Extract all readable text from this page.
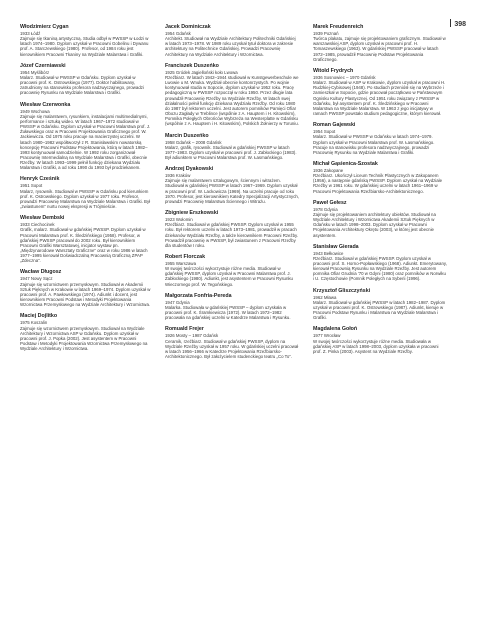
398
Włodzimierz Cygan
1933 Łódź
Zajmuje się tkaniną artystyczną. Studia odbył w PWSSP w Łodzi w latach 1974–1980. Dyplom uzyskał w Pracowni Gobelinu i Dywanu prof. A. Starczewskiego (1980). Profesor, od 1984 roku jest kierownikiem Pracowni Tkaniny na Wydziale Malarstwa i Grafiki.
Józef Czerniawski
1954 Myślibórz
Malarz. Studiował w PWSSP w Gdańsku. Dyplom uzyskał w pracowni prof. K. Ostrowskiego (1977). Doktor habilitowany, zatrudniony na stanowisku profesora nadzwyczajnego, prowadzi pracownię Rysunku na Wydziale Malarstwa i Grafiki.
Wiesław Czerwonka
1949 Wschowa
Zajmuje się malarstwem, rysunkiem, instalacjami multimedialnymi, performance i sztuką wideo. W latach 1967–1972 studiował w PWSSP w Gdańsku. Dyplom uzyskał w Pracowni Malarstwa prof. J. Żuławskiego oraz w Pracowni Projektowania Graficznego prof. W. Jackiewicza. Od 1975 roku pracuje na macierzystej uczelni. W latach 1980–1982 współtworzył z R. Stanisławskim nowatorską koncepcję Pracowni Podstaw Projektowania, którą w latach 1982–1993 kontynuował samodzielnie. W 1992 roku zorganizował Pracownię Intermedialną na Wydziale Malarstwa i Grafiki, obecnie Rzeźby. W latach 1993–1999 pełnił funkcję dziekana Wydziału Malarstwa i Grafiki, a od roku 1990 do 1993 był prodziekanem.
Henryk Cześnik
1951 Sopot
Malarz, rysownik. Studiował w PWSSP w Gdańsku pod kierunkiem prof. K. Ostrowskiego. Dyplom uzyskał w 1977 roku. Profesor, prowadzi Pracownię Malarstwa na Wydziale Malarstwa i Grafiki. Był „zwiastunem” nurtu nowej ekspresji w Trójmieście.
Wiesław Dembski
1933 Ciechocinek
Grafik, malarz. Studiował w gdańskiej PWSSP. Dyplom uzyskał w Pracowni Malarstwa prof. K. Śledzińskiego (1958). Profesor, w gdańskiej PWSSP pracował do 2002 roku. Był kierownikiem Pracowni Grafiki Warsztatowej, inicjator wystaw pn. „Międzynarodowe Warsztaty Graficzne” oraz w roku 1986 w latach 1977–1995 kierował Doświadczalną Pracownią Graficzną ZPAP „Zdeczna”.
Wacław Długosz
1947 Nowy Sącz
Zajmuje się wzornictwem przemysłowym. Studiował w Akademii Sztuk Pięknych w Krakowie w latach 1969–1974. Dyplom uzyskał w pracowni prof. A. Pawłowskiego (1974). Adiunkt i docent, jest kierownikiem Pracowni Podstaw i Metodyki Projektowania Wzornictwa Przemysłowego na Wydziale Architektury i Wzornictwa.
Maciej Dojlitko
1975 Koszalin
Zajmuje się wzornictwem przemysłowym. Studiował na Wydziale Architektury i Wzornictwa ASP w Gdańsku. Dyplom uzyskał w pracowni prof. J. Popka (2002). Jest asystentem w Pracowni Podstaw i Metodyki Projektowania Wzornictwa Przemysłowego na Wydziale Architektury i Wzornictwa.
Jacek Dominiczak
1954 Gdańsk
Architekt. Studiował na Wydziale Architektury Politechniki Gdańskiej w latach 1973–1978. W 1989 roku uzyskał tytuł doktora w zakresie architektury na Politechnice Gdańskiej. Prowadzi Pracownię Architektury na Wydziale Architektury i Wzornictwa.
Franciszek Duszeńko
1925 Gródek Jagielloński koło Lwowa
Rzeźbiarz. W latach 1942–1944 studiował w Kunstgewerbeschule we Lwowie u M. Wnuka. Wydział obecnie kontonrzystych. Po wojnie kontynuował studia w Sopocie, dyplom uzyskał w 1952 roku. Pracę pedagogiczną w PWSSP rozpoczął w roku 1950. Przez długie lata prowadził Pracownię Rzeźby na Wydziale Rzeźby. W latach swej działalności pełnił funkcję dziekana Wydziału Rzeźby. Od roku 1980 do 1987 był rektorem uczelni. Jest autorem pomników Pamięci Ofiar Obozu Zagłady w Treblince (wspólnie z A. Hauptem i H. Kitowskim), Pomnika Poległych Obrońców Wybrzeża na Westerplatte w Gdańsku (wspólnie z A. Hauptem i H. Kitowskim), Polskich Żołnierzy w Toruniu.
Marcin Duszeńko
1958 Gdańsk – 2008 Gdańsk
Malarz, grafik, rysownik. Studiował w gdańskiej PWSSP w latach 1977–1983. Dyplom uzyskał w pracowni prof. J. Zabłockiego (1983). Był adiunktem w Pracowni Malarstwa prof. W. Łasmańskiego.
Andrzej Dyakowski
1936 Kraków
Zajmuje się malarstwem sztalugowym, ściennym i witrażem. Studiował w gdańskiej PWSSP w latach 1967–1969. Dyplom uzyskał w pracowni prof. W. Lackowicza (1969). Na uczelni pracuje od roku 1970. Profesor, jest kierownikiem Katedry Specjalizacji Artystycznych, prowadzi Pracownię Malarstwa Ściennego i Witrażu.
Zbigniew Erszkowski
1923 Wołomin
Rzeźbiarz. Studiował w gdańskiej PWSSP. Dyplom uzyskał w 1955 roku. Był rektorem uczelni w latach 1973–1981, prowadził w pracach dziekanów Wydziału Rzeźby, a także kierownikiem Pracowni Rzeźby. Prowadził pracownię w PWSSP, był zwiastunem z Pracowni Rzeźby dla studentów I roku.
Robert Florczak
1955 Warszawa
W swojej twórczości wykorzystuje różne media. Studiował w gdańskiej PWSSP, dyplom uzyskał w Pracowni Malarstwa prof. J. Zabłockiego (1980). Adiunkt, jest asystentem w Pracowni Rysunku Wieczornego prof. W. Tegońskiego.
Małgorzata Fonfria-Pereda
1947 Gdynia
Malarka. Studiowała w gdańskiej PWSSP – dyplom uzyskała w pracowni prof. K. Śramkiewicza (1972). W latach 1972–1982 pracowała na gdańskiej uczelni w Katedrze Malarstwa i Rysunku.
Romuald Frejer
1926 Mosty – 1987 Gdańsk
Ceramik, rzeźbiarz. Studiował w gdańskiej PWSSP, dyplom na Wydziale Rzeźby uzyskał w 1957 roku. W gdańskiej uczelni pracował w latach 1956–1966 w Katedrze Projektowania Rzeźbiarsko-Architektonicznego. Był założycielem studenckiego teatru „Co To”.
Marek Freudenreich
1939 Poznań
Twórca plakatu, zajmuje się projektowaniem graficznym. Studiował w warszawskiej ASP, dyplom uzyskał w pracowni prof. H. Tomaszewskiego (1963). W gdańskiej PWSSP pracował w latach 1972–1985, prowadził Pracownię Podstaw Projektowania Graficznego.
Witold Frydrych
1936 Sosnowiec – 1970 Gdańsk
Malarz. Studiował w ASP w Krakowie, dyplom uzyskał w pracowni H. Rudzkiej-Cybisowej (1948). Po studiach przeniósł się na Wybrzeże i zamieszkał w Sopocie, gdzie pracował początkowo w Państwowym Ognisku Kultury Plastycznej. Od 1951 roku związany z PWSSP w Gdańsku, był asystentem prof. K. Śledzińskiego w Pracowni Malarstwa na Wydziale Malarstwa. W 1963 z jego inicjatywy w ramach PWSSP powstało studium pedagogiczne, którym kierował.
Roman Gajewski
1954 Sopot
Malarz. Studiował w PWSSP w Gdańsku w latach 1974–1979. Dyplom uzyskał w Pracowni Malarstwa prof. W. Łasmańskiego. Pracuje na stanowisku profesora nadzwyczajnego, prowadzi Pracownię Rysunku na Wydziale Malarstwa i Grafiki.
Michał Gąsienica-Szostak
1936 Zakopane
Rzeźbiarz. Ukończył Liceum Technik Plastycznych w Zakopanem (1956), a następnie gdańską PWSSP. Dyplom uzyskał na Wydziale Rzeźby w 1961 roku. W gdańskiej uczelni w latach 1961–1969 w Pracowni Projektowania Rzeźbiarsko-Architektonicznego.
Paweł Gełesz
1978 Gdynia
Zajmuje się projektowaniem architektury obiektów. Studiował na Wydziale Architektury i Wzornictwa Akademii Sztuk Pięknych w Gdańsku w latach 1998–2003. Dyplom uzyskał w Pracowni Projektowania Architektury Okrętu (2003), w której jest obecnie asystentem.
Stanisław Gierada
1943 Bełkowice
Rzeźbiarz. Studiował w gdańskiej PWSSP. Dyplom uzyskał w pracowni prof. S. Horno-Popławskiego (1968). Adiunkt. Emerytowany, kierował Pracownią Rysunku na Wydziale Rzeźby. Jest autorem pomnika Ofiar Grudnia '70 w Gdyni (1980) oraz pomników w Norwiku i U. Częstochowie (Pomnik Poległych na Syberii (1996).
Krzysztof Gliszczyński
1962 Mława
Malarz. Studiował w gdańskiej PWSSP w latach 1982–1987. Dyplom uzyskał w pracowni prof. K. Ostrowskiego (1987). Adiunkt, kieruje w Pracowni Podstaw Rysunku i Malarstwa na Wydziale Malarstwa i Grafiki.
Magdalena Gołoń
1977 Wrocław
W swojej twórczości wykorzystuje różne media. Studiowała w gdańskiej ASP w latach 1998–2003, dyplom uzyskała w pracowni prof. Z. Pinka (2003). Asystent na Wydziale Rzeźby.
